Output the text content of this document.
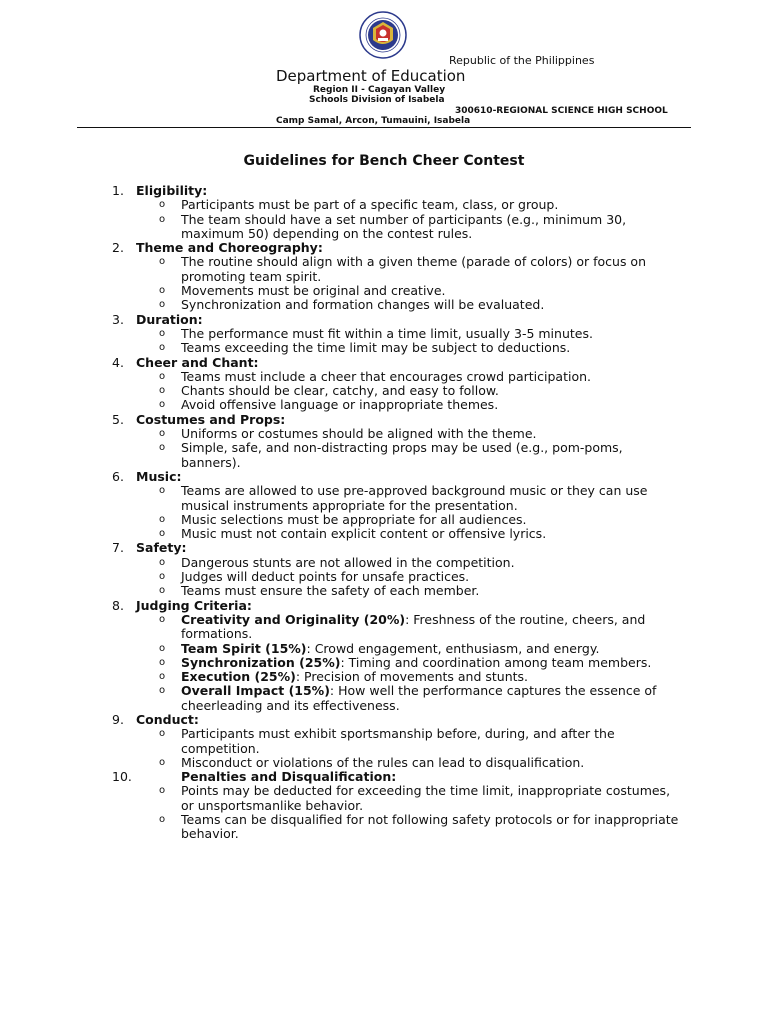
Republic of the Philippines
Department of Education
Region II - Cagayan Valley
Schools Division of Isabela
300610-REGIONAL SCIENCE HIGH SCHOOL
Camp Samal, Arcon, Tumauini, Isabela
Guidelines for Bench Cheer Contest
1. Eligibility:
o Participants must be part of a specific team, class, or group.
o The team should have a set number of participants (e.g., minimum 30, maximum 50) depending on the contest rules.
2. Theme and Choreography:
o The routine should align with a given theme (parade of colors) or focus on promoting team spirit.
o Movements must be original and creative.
o Synchronization and formation changes will be evaluated.
3. Duration:
o The performance must fit within a time limit, usually 3-5 minutes.
o Teams exceeding the time limit may be subject to deductions.
4. Cheer and Chant:
o Teams must include a cheer that encourages crowd participation.
o Chants should be clear, catchy, and easy to follow.
o Avoid offensive language or inappropriate themes.
5. Costumes and Props:
o Uniforms or costumes should be aligned with the theme.
o Simple, safe, and non-distracting props may be used (e.g., pom-poms, banners).
6. Music:
o Teams are allowed to use pre-approved background music or they can use musical instruments appropriate for the presentation.
o Music selections must be appropriate for all audiences.
o Music must not contain explicit content or offensive lyrics.
7. Safety:
o Dangerous stunts are not allowed in the competition.
o Judges will deduct points for unsafe practices.
o Teams must ensure the safety of each member.
8. Judging Criteria:
o Creativity and Originality (20%): Freshness of the routine, cheers, and formations.
o Team Spirit (15%): Crowd engagement, enthusiasm, and energy.
o Synchronization (25%): Timing and coordination among team members.
o Execution (25%): Precision of movements and stunts.
o Overall Impact (15%): How well the performance captures the essence of cheerleading and its effectiveness.
9. Conduct:
o Participants must exhibit sportsmanship before, during, and after the competition.
o Misconduct or violations of the rules can lead to disqualification.
10.	Penalties and Disqualification:
o Points may be deducted for exceeding the time limit, inappropriate costumes, or unsportsmanlike behavior.
o Teams can be disqualified for not following safety protocols or for inappropriate behavior.
